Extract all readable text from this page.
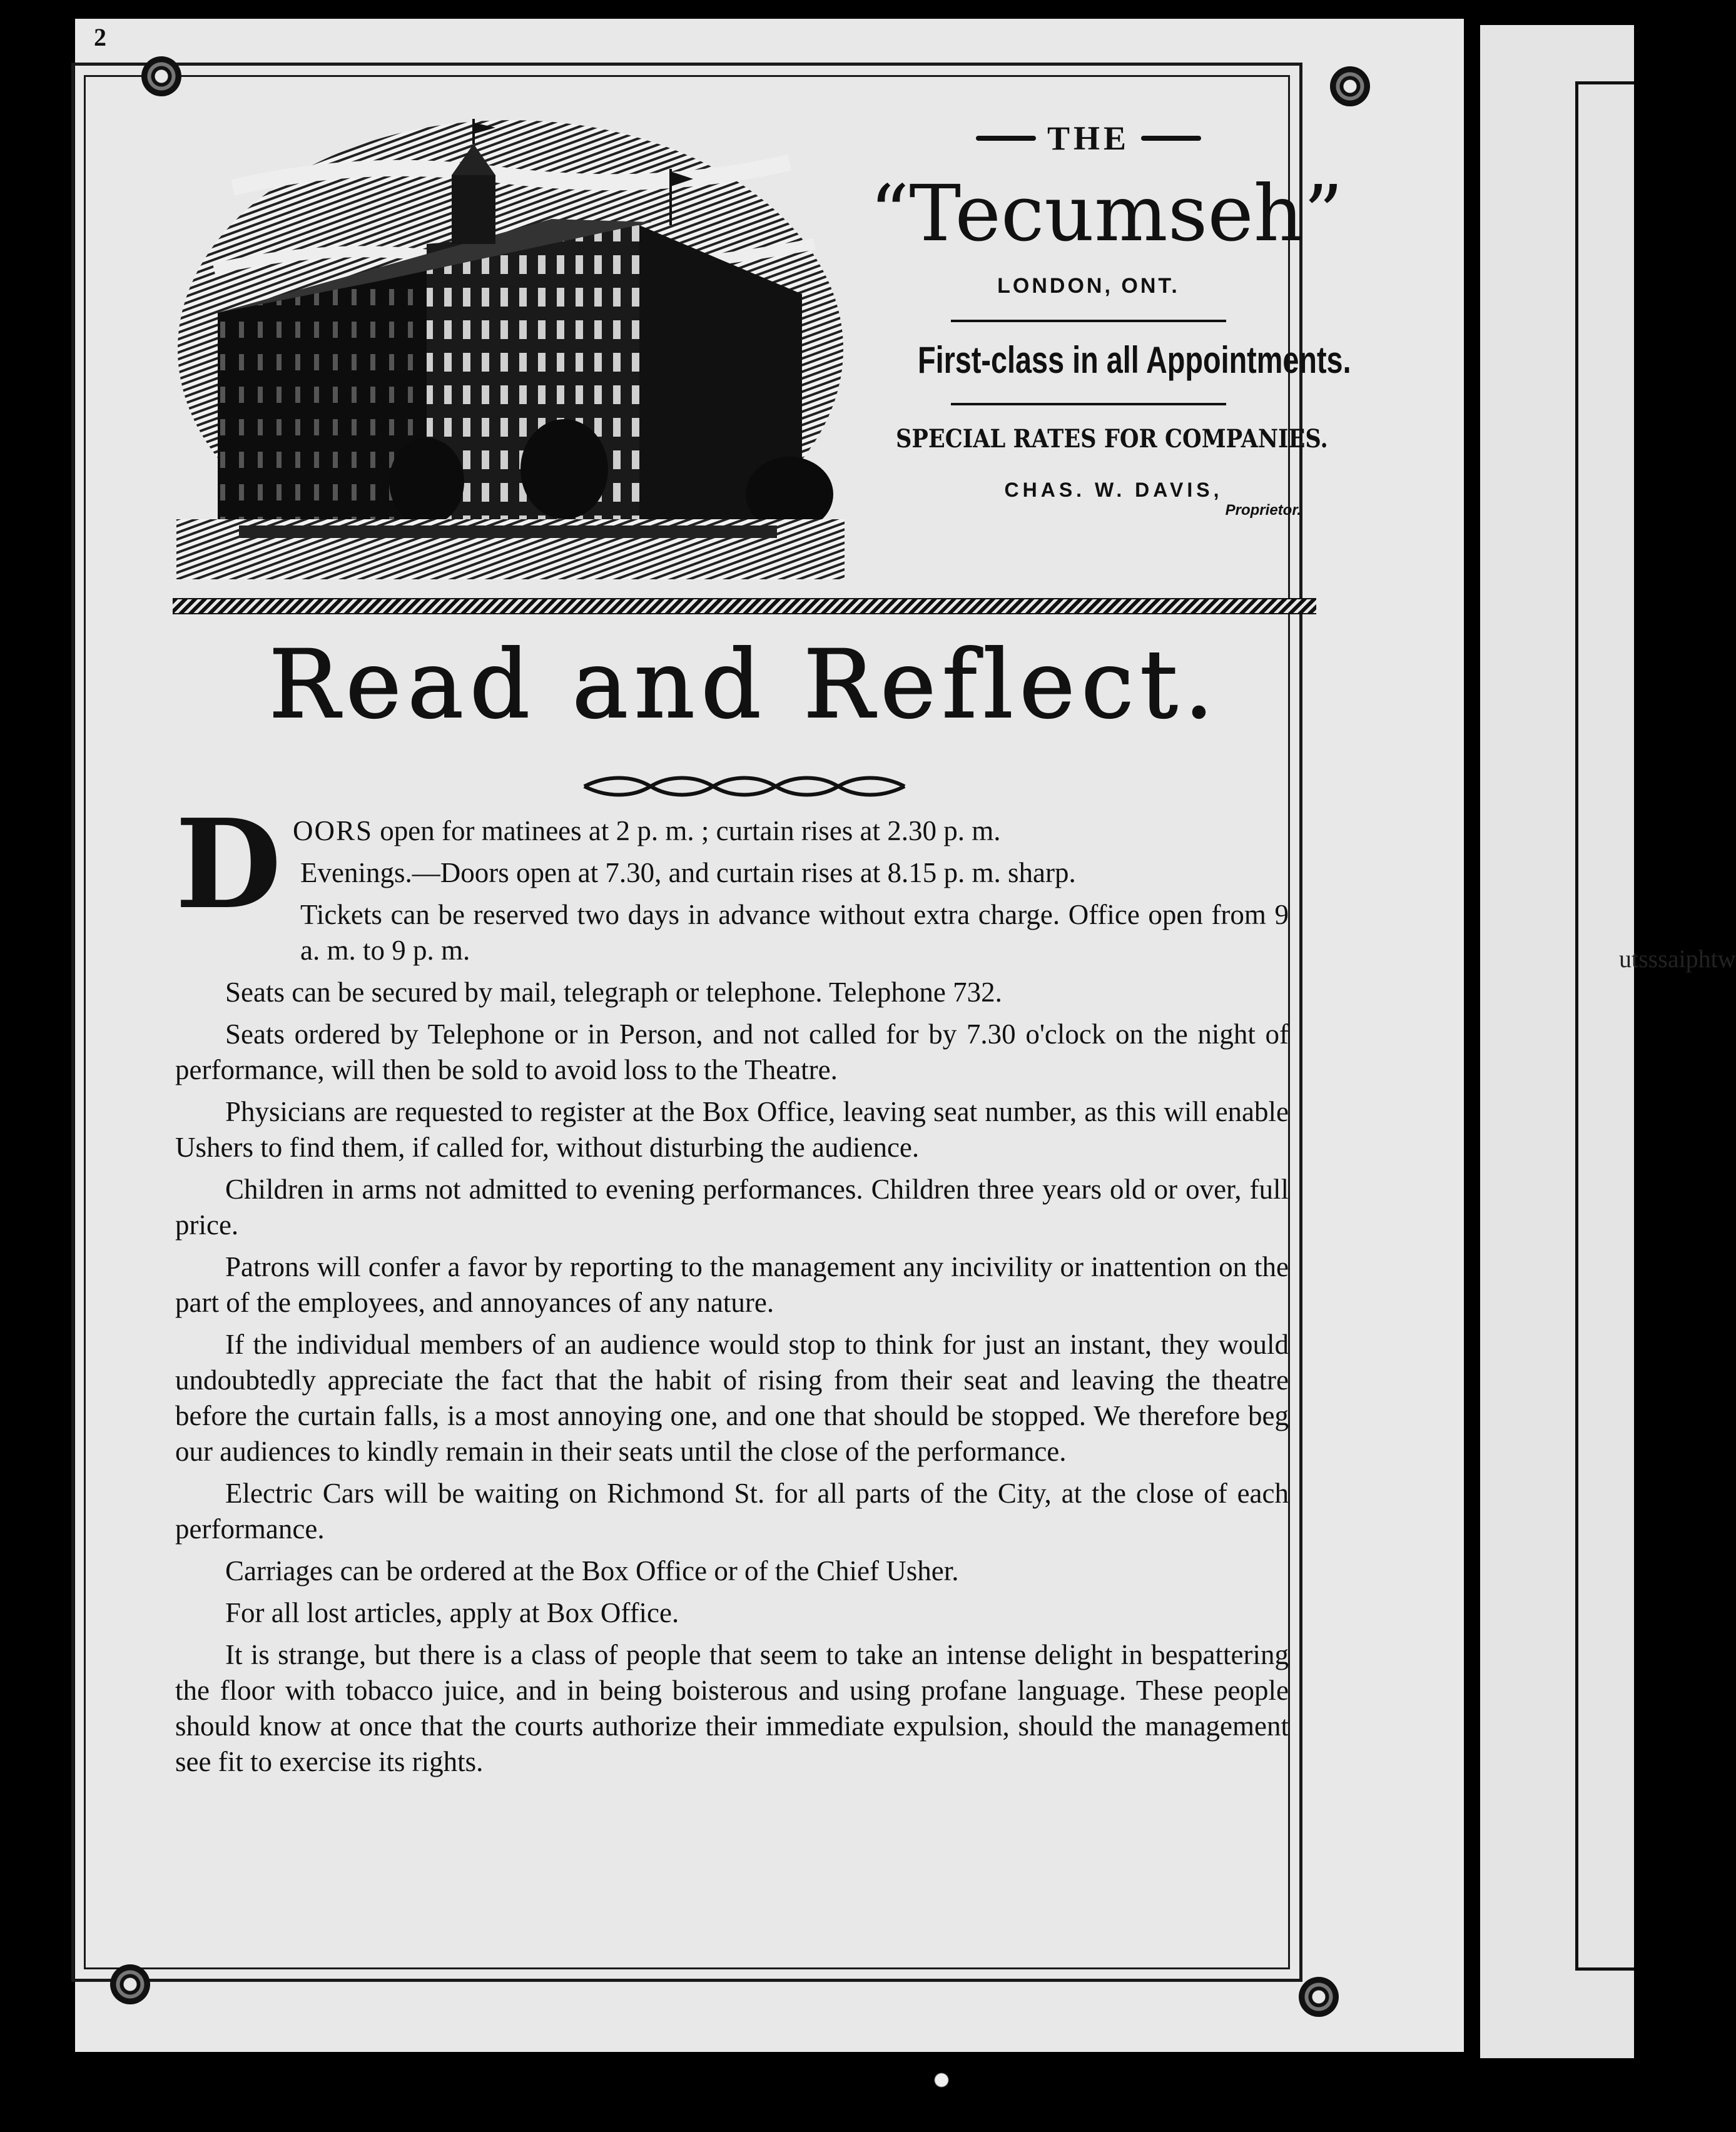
utsssaiphtw
2
THE
“Tecumseh”
LONDON, ONT.
First-class in all Appointments.
SPECIAL RATES FOR COMPANIES.
CHAS. W. DAVIS,
Proprietor.
Read and Reflect.

D OORS open for matinees at 2 p. m. ; curtain rises at 2.30 p. m.

Evenings.—Doors open at 7.30, and curtain rises at 8.15 p. m. sharp.

Tickets can be reserved two days in advance without extra charge. Office open from 9 a. m. to 9 p. m.

Seats can be secured by mail, telegraph or telephone. Telephone 732.

Seats ordered by Telephone or in Person, and not called for by 7.30 o'clock on the night of performance, will then be sold to avoid loss to the Theatre.

Physicians are requested to register at the Box Office, leaving seat number, as this will enable Ushers to find them, if called for, without disturbing the audience.

Children in arms not admitted to evening performances. Children three years old or over, full price.

Patrons will confer a favor by reporting to the management any incivility or inattention on the part of the employees, and annoyances of any nature.

If the individual members of an audience would stop to think for just an instant, they would undoubtedly appreciate the fact that the habit of rising from their seat and leaving the theatre before the curtain falls, is a most annoying one, and one that should be stopped. We therefore beg our audiences to kindly remain in their seats until the close of the performance.

Electric Cars will be waiting on Richmond St. for all parts of the City, at the close of each performance.

Carriages can be ordered at the Box Office or of the Chief Usher.

For all lost articles, apply at Box Office.

It is strange, but there is a class of people that seem to take an intense delight in bespattering the floor with tobacco juice, and in being boisterous and using profane language. These people should know at once that the courts authorize their immediate expulsion, should the management see fit to exercise its rights.
